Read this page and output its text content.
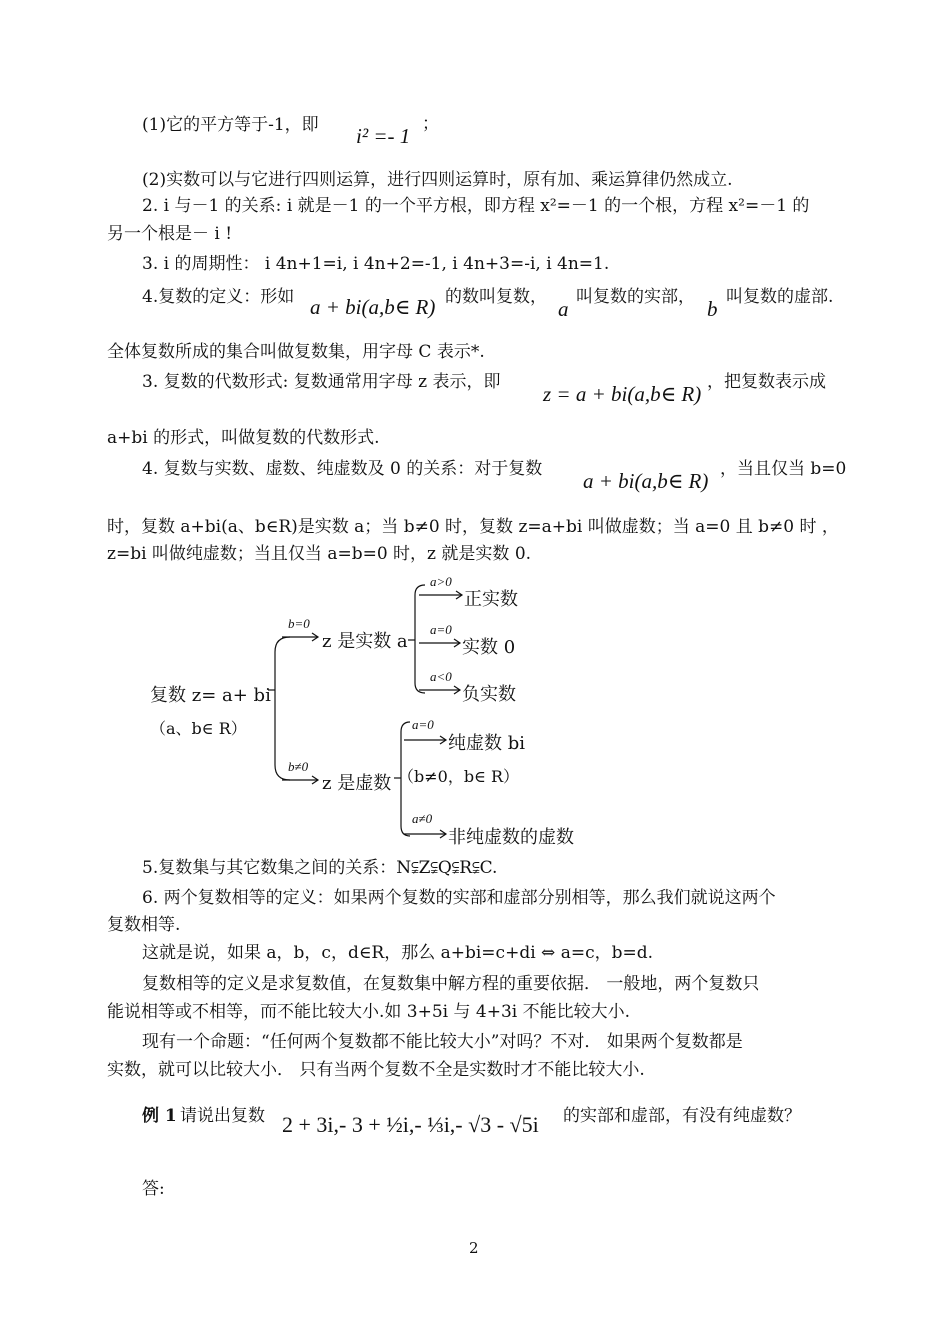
(1)它的平方等于-1，即 i² =- 1 ；
(2)实数可以与它进行四则运算，进行四则运算时，原有加、乘运算律仍然成立.
2. i 与－1 的关系: i 就是－1 的一个平方根，即方程 x²=－1 的一个根，方程 x²=－1 的
另一个根是－ i !
3. i 的周期性： i 4n+1=i, i 4n+2=-1, i 4n+3=-i, i 4n=1.
4.复数的定义：形如 a + bi(a,b∈ R) 的数叫复数， a 叫复数的实部， b 叫复数的虚部.
全体复数所成的集合叫做复数集，用字母 C 表示*.
3. 复数的代数形式: 复数通常用字母 z 表示，即 z = a + bi(a,b∈ R) ，把复数表示成
a+bi 的形式，叫做复数的代数形式.
4. 复数与实数、虚数、纯虚数及 0 的关系：对于复数 a + bi(a,b∈ R) ，当且仅当 b=0
时，复数 a+bi(a、b∈R)是实数 a；当 b≠0 时，复数 z=a+bi 叫做虚数；当 a=0 且 b≠0 时 ，
z=bi 叫做纯虚数；当且仅当 a=b=0 时，z 就是实数 0.
复数 z= a+ bi
（a、b∈ R）
b=0
b≠0
z 是实数 a
z 是虚数 （b≠0，b∈ R）
a>0
a=0
a<0
正实数
实数 0
负实数
a=0
a≠0
纯虚数 bi
非纯虚数的虚数
5.复数集与其它数集之间的关系：N⫋Z⫋Q⫋R⫋C.
6. 两个复数相等的定义：如果两个复数的实部和虚部分别相等，那么我们就说这两个
复数相等.
这就是说，如果 a，b，c，d∈R，那么 a+bi=c+di ⇔ a=c，b=d.
复数相等的定义是求复数值，在复数集中解方程的重要依据． 一般地，两个复数只
能说相等或不相等，而不能比较大小.如 3+5i 与 4+3i 不能比较大小.
现有一个命题：“任何两个复数都不能比较大小”对吗？不对． 如果两个复数都是
实数，就可以比较大小． 只有当两个复数不全是实数时才不能比较大小.
例 1 请说出复数 2 + 3i,- 3 + ½i,- ⅓i,- √3 - √5i 的实部和虚部，有没有纯虚数？
答:
2
